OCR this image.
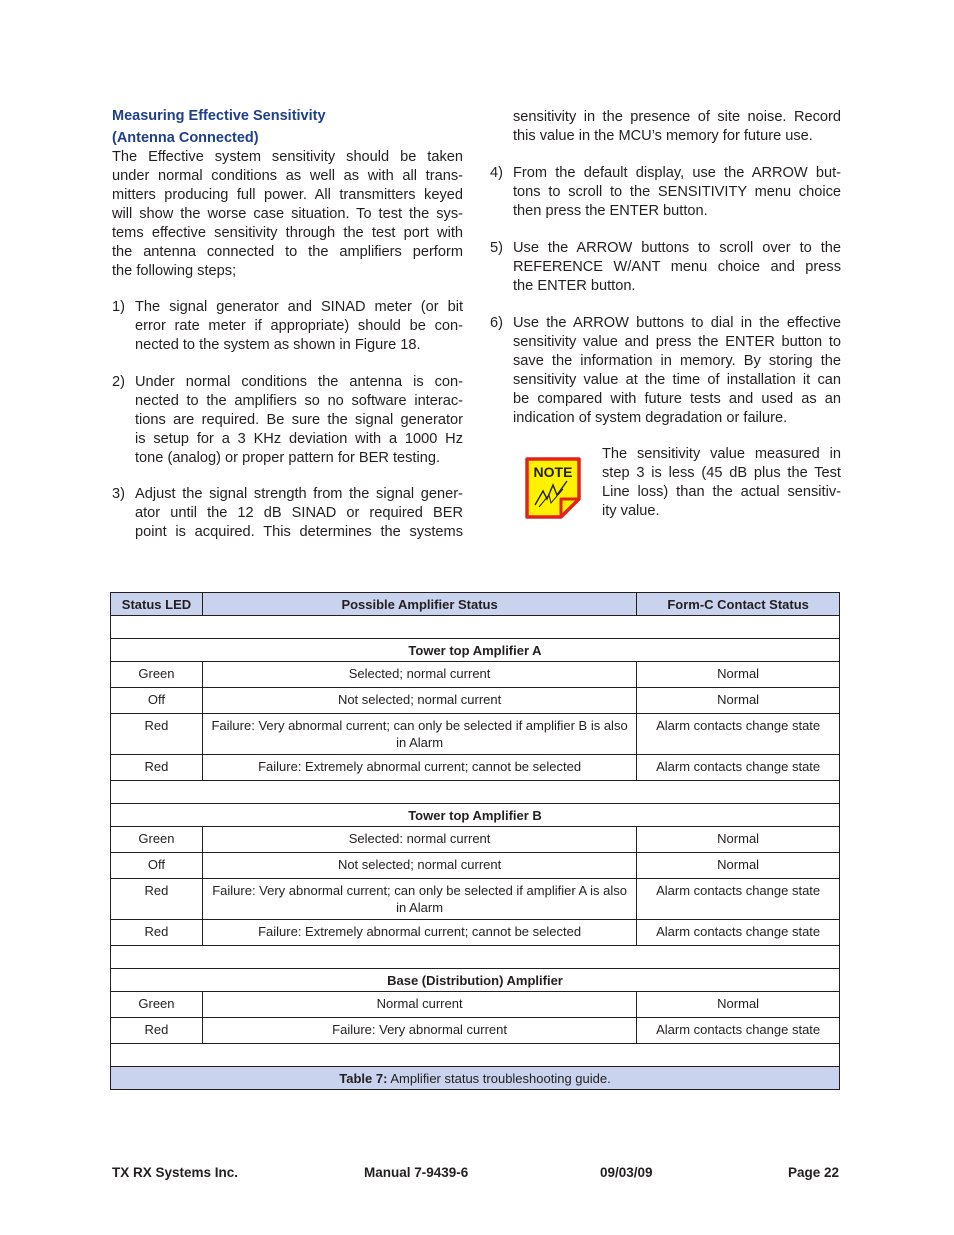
Measuring Effective Sensitivity
(Antenna Connected)
The Effective system sensitivity should be taken
under normal conditions as well as with all trans-
mitters producing full power. All transmitters keyed
will show the worse case situation. To test the sys-
tems effective sensitivity through the test port with
the antenna connected to the amplifiers perform
the following steps;
1) The signal generator and SINAD meter (or bit
error rate meter if appropriate) should be con-
nected to the system as shown in Figure 18.
2) Under normal conditions the antenna is con-
nected to the amplifiers so no software interac-
tions are required. Be sure the signal generator
is setup for a 3 KHz deviation with a 1000 Hz
tone (analog) or proper pattern for BER testing.
3) Adjust the signal strength from the signal gener-
ator until the 12 dB SINAD or required BER
point is acquired. This determines the systems
sensitivity in the presence of site noise. Record
this value in the MCU’s memory for future use.
4) From the default display, use the ARROW but-
tons to scroll to the SENSITIVITY menu choice
then press the ENTER button.
5) Use the ARROW buttons to scroll over to the
REFERENCE W/ANT menu choice and press
the ENTER button.
6) Use the ARROW buttons to dial in the effective
sensitivity value and press the ENTER button to
save the information in memory. By storing the
sensitivity value at the time of installation it can
be compared with future tests and used as an
indication of system degradation or failure.
NOTE
The sensitivity value measured in
step 3 is less (45 dB plus the Test
Line loss) than the actual sensitiv-
ity value.
Status LED	Possible Amplifier Status	Form-C Contact Status

Tower top Amplifier A		
Green	Selected; normal current	Normal
Off	Not selected; normal current	Normal
Red	Failure: Very abnormal current; can only be selected if amplifier B is also in Alarm	Alarm contacts change state
Red	Failure: Extremely abnormal current; cannot be selected	Alarm contacts change state

Tower top Amplifier B		
Green	Selected: normal current	Normal
Off	Not selected; normal current	Normal
Red	Failure: Very abnormal current; can only be selected if amplifier A is also in Alarm	Alarm contacts change state
Red	Failure: Extremely abnormal current; cannot be selected	Alarm contacts change state

Base (Distribution) Amplifier		
Green	Normal current	Normal
Red	Failure: Very abnormal current	Alarm contacts change state

Table 7: Amplifier status troubleshooting guide.		
TX RX Systems Inc.	Manual 7-9439-6	09/03/09	Page 22
